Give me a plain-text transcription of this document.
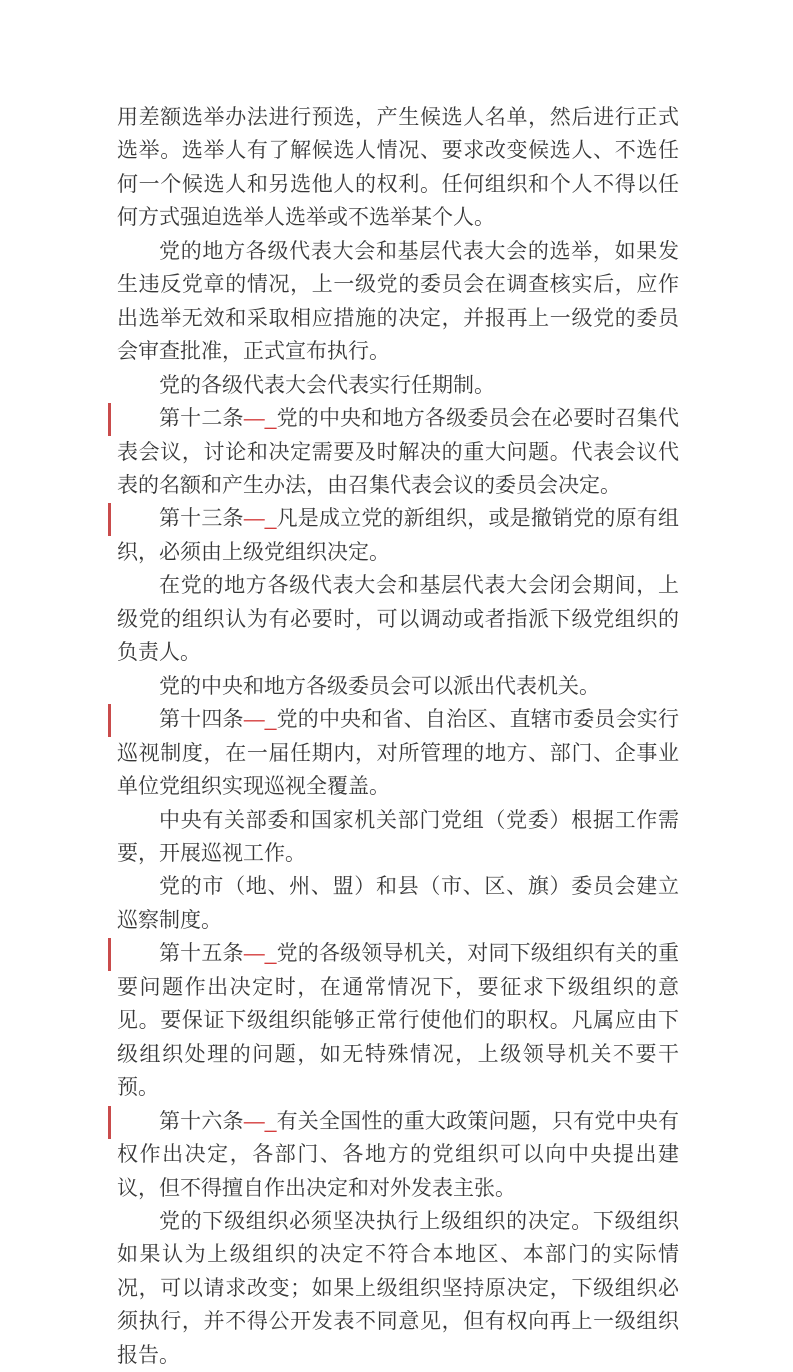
用差额选举办法进行预选，产生候选人名单，然后进行正式选举。选举人有了解候选人情况、要求改变候选人、不选任何一个候选人和另选他人的权利。任何组织和个人不得以任何方式强迫选举人选举或不选举某个人。

党的地方各级代表大会和基层代表大会的选举，如果发生违反党章的情况，上一级党的委员会在调查核实后，应作出选举无效和采取相应措施的决定，并报再上一级党的委员会审查批准，正式宣布执行。

党的各级代表大会代表实行任期制。

第十二条—_党的中央和地方各级委员会在必要时召集代表会议，讨论和决定需要及时解决的重大问题。代表会议代表的名额和产生办法，由召集代表会议的委员会决定。

第十三条—_凡是成立党的新组织，或是撤销党的原有组织，必须由上级党组织决定。

在党的地方各级代表大会和基层代表大会闭会期间，上级党的组织认为有必要时，可以调动或者指派下级党组织的负责人。

党的中央和地方各级委员会可以派出代表机关。

第十四条—_党的中央和省、自治区、直辖市委员会实行巡视制度，在一届任期内，对所管理的地方、部门、企事业单位党组织实现巡视全覆盖。

中央有关部委和国家机关部门党组（党委）根据工作需要，开展巡视工作。

党的市（地、州、盟）和县（市、区、旗）委员会建立巡察制度。

第十五条—_党的各级领导机关，对同下级组织有关的重要问题作出决定时，在通常情况下，要征求下级组织的意见。要保证下级组织能够正常行使他们的职权。凡属应由下级组织处理的问题，如无特殊情况，上级领导机关不要干预。

第十六条—_有关全国性的重大政策问题，只有党中央有权作出决定，各部门、各地方的党组织可以向中央提出建议，但不得擅自作出决定和对外发表主张。

党的下级组织必须坚决执行上级组织的决定。下级组织如果认为上级组织的决定不符合本地区、本部门的实际情况，可以请求改变；如果上级组织坚持原决定，下级组织必须执行，并不得公开发表不同意见，但有权向再上一级组织报告。
